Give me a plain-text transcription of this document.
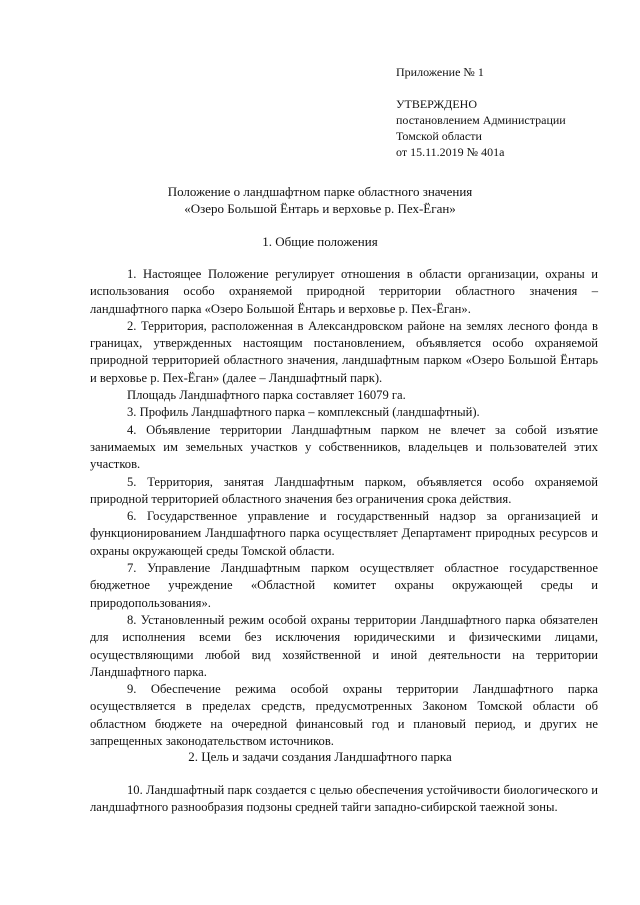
Приложение № 1
УТВЕРЖДЕНО
постановлением Администрации
Томской области
от 15.11.2019 № 401а
Положение о ландшафтном парке областного значения
«Озеро Большой Ёнтарь и верховье р. Пех-Ёган»
1. Общие положения

1. Настоящее Положение регулирует отношения в области организации, охраны и использования особо охраняемой природной территории областного значения – ландшафтного парка «Озеро Большой Ёнтарь и верховье р. Пех-Ёган».

2. Территория, расположенная в Александровском районе на землях лесного фонда в границах, утвержденных настоящим постановлением, объявляется особо охраняемой природной территорией областного значения, ландшафтным парком «Озеро Большой Ёнтарь и верховье р. Пех-Ёган» (далее – Ландшафтный парк).

Площадь Ландшафтного парка составляет 16079 га.

3. Профиль Ландшафтного парка – комплексный (ландшафтный).

4. Объявление территории Ландшафтным парком не влечет за собой изъятие занимаемых им земельных участков у собственников, владельцев и пользователей этих участков.

5. Территория, занятая Ландшафтным парком, объявляется особо охраняемой природной территорией областного значения без ограничения срока действия.

6. Государственное управление и государственный надзор за организацией и функционированием Ландшафтного парка осуществляет Департамент природных ресурсов и охраны окружающей среды Томской области.

7. Управление Ландшафтным парком осуществляет областное государственное бюджетное учреждение «Областной комитет охраны окружающей среды и природопользования».

8. Установленный режим особой охраны территории Ландшафтного парка обязателен для исполнения всеми без исключения юридическими и физическими лицами, осуществляющими любой вид хозяйственной и иной деятельности на территории Ландшафтного парка.

9. Обеспечение режима особой охраны территории Ландшафтного парка осуществляется в пределах средств, предусмотренных Законом Томской области об областном бюджете на очередной финансовый год и плановый период, и других не запрещенных законодательством источников.

2. Цель и задачи создания Ландшафтного парка

10. Ландшафтный парк создается с целью обеспечения устойчивости биологического и ландшафтного разнообразия подзоны средней тайги западно-сибирской таежной зоны.
